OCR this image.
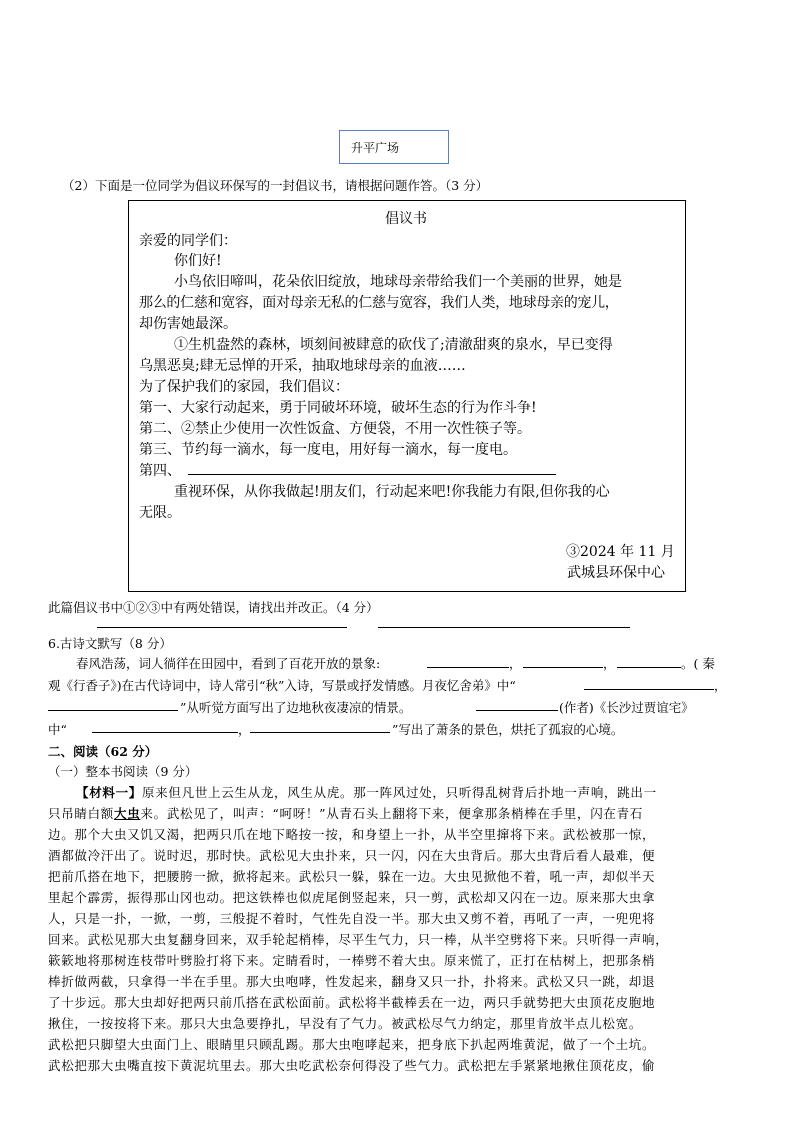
升平广场
（2）下面是一位同学为倡议环保写的一封倡议书，请根据问题作答。（3 分）
倡议书
亲爱的同学们：
你们好!
小鸟依旧啼叫，花朵依旧绽放，地球母亲带给我们一个美丽的世界，她是
那么的仁慈和宽容，面对母亲无私的仁慈与宽容，我们人类，地球母亲的宠儿，
却伤害她最深。
①生机盎然的森林，顷刻间被肆意的砍伐了;清澈甜爽的泉水，早已变得
乌黑恶臭;肆无忌惮的开采，抽取地球母亲的血液……
为了保护我们的家园，我们倡议：
第一、大家行动起来，勇于同破坏环境，破坏生态的行为作斗争!
第二、②禁止少使用一次性饭盒、方便袋，不用一次性筷子等。
第三、节约每一滴水，每一度电，用好每一滴水，每一度电。
第四、
重视环保，从你我做起!朋友们，行动起来吧!你我能力有限,但你我的心
无限。
③2024 年 11 月
武城县环保中心
此篇倡议书中①②③中有两处错误，请找出并改正。（4 分）
6.古诗文默写（8 分）
春风浩荡，词人徜徉在田园中，看到了百花开放的景象:	，	，	。( 秦
观《行香子》)在古代诗词中，诗人常引“秋”入诗，写景或抒发情感。月夜忆舍弟》中“	，
”从听觉方面写出了边地秋夜凄凉的情景。	(作者)《长沙过贾谊宅》
中“	，	”写出了萧条的景色，烘托了孤寂的心境。
二、阅读（62 分）
（一）整本书阅读（9 分）
【材料一】原来但凡世上云生从龙，风生从虎。那一阵风过处，只听得乱树背后扑地一声响，跳出一
只吊睛白额大虫来。武松见了，叫声：“呵呀！”从青石头上翻将下来，便拿那条梢棒在手里，闪在青石
边。那个大虫又饥又渴，把两只爪在地下略按一按，和身望上一扑，从半空里撺将下来。武松被那一惊，
酒都做冷汗出了。说时迟，那时快。武松见大虫扑来，只一闪，闪在大虫背后。那大虫背后看人最难，便
把前爪搭在地下，把腰胯一掀，掀将起来。武松只一躲，躲在一边。大虫见掀他不着，吼一声，却似半天
里起个霹雳，振得那山冈也动。把这铁棒也似虎尾倒竖起来，只一剪，武松却又闪在一边。原来那大虫拿
人，只是一扑，一掀，一剪，三般捉不着时，气性先自没一半。那大虫又剪不着，再吼了一声，一兜兜将
回来。武松见那大虫复翻身回来，双手轮起梢棒，尽平生气力，只一棒，从半空劈将下来。只听得一声响，
簌簌地将那树连枝带叶劈脸打将下来。定睛看时，一棒劈不着大虫。原来慌了，正打在枯树上，把那条梢
棒折做两截，只拿得一半在手里。那大虫咆哮，性发起来，翻身又只一扑，扑将来。武松又只一跳，却退
了十步远。那大虫却好把两只前爪搭在武松面前。武松将半截棒丢在一边，两只手就势把大虫顶花皮胞地
揪住，一按按将下来。那只大虫急要挣扎，早没有了气力。被武松尽气力纳定，那里肯放半点儿松宽。
武松把只脚望大虫面门上、眼睛里只顾乱踢。那大虫咆哮起来，把身底下扒起两堆黄泥，做了一个土坑。
武松把那大虫嘴直按下黄泥坑里去。那大虫吃武松奈何得没了些气力。武松把左手紧紧地揪住顶花皮，偷
